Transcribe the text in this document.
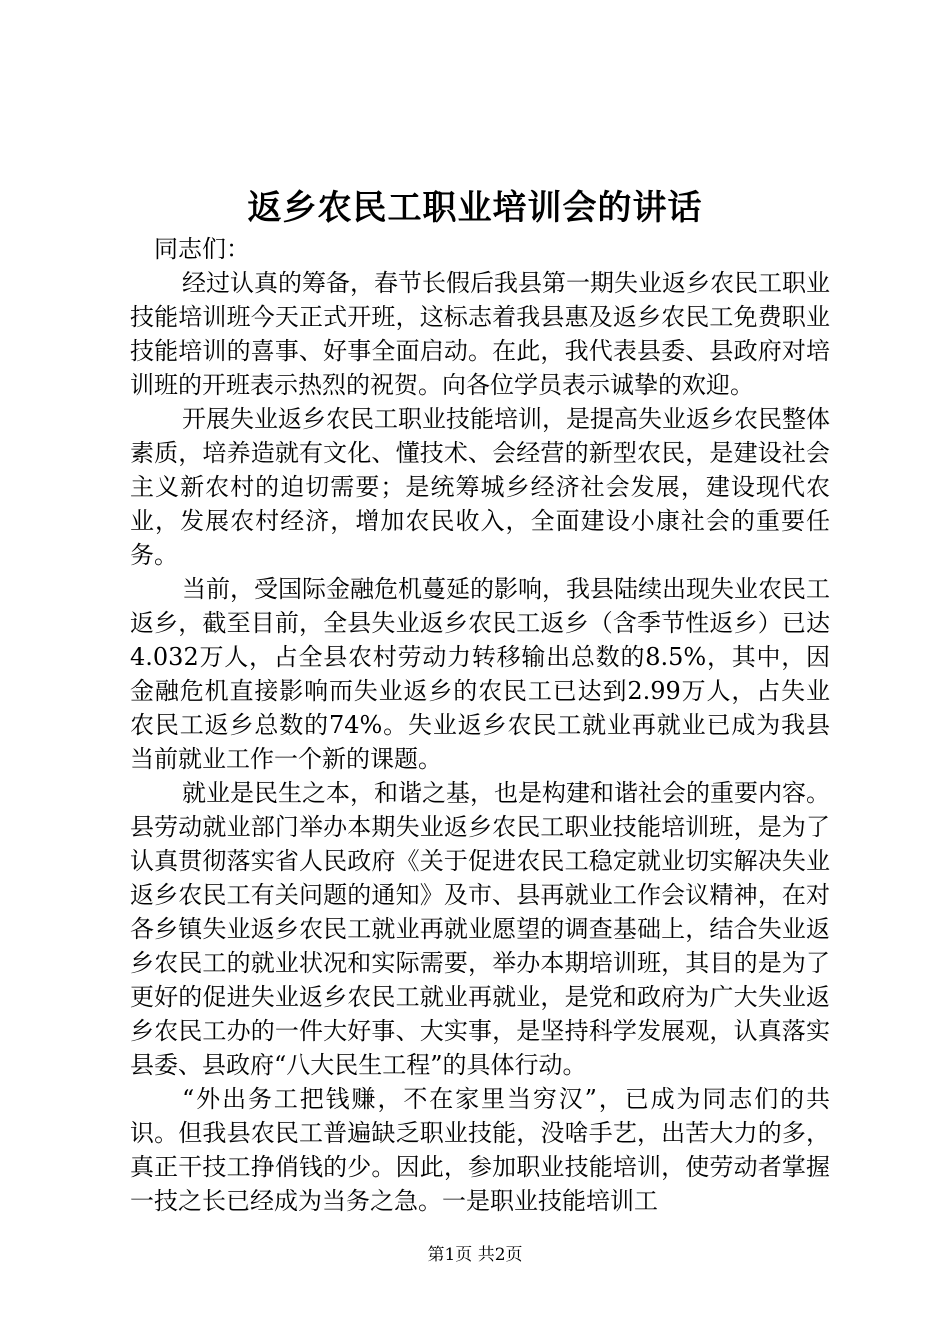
返乡农民工职业培训会的讲话

同志们：

经过认真的筹备，春节长假后我县第一期失业返乡农民工职业技能培训班今天正式开班，这标志着我县惠及返乡农民工免费职业技能培训的喜事、好事全面启动。在此，我代表县委、县政府对培训班的开班表示热烈的祝贺。向各位学员表示诚挚的欢迎。

开展失业返乡农民工职业技能培训，是提高失业返乡农民整体素质，培养造就有文化、懂技术、会经营的新型农民，是建设社会主义新农村的迫切需要；是统筹城乡经济社会发展，建设现代农业，发展农村经济，增加农民收入，全面建设小康社会的重要任务。

当前，受国际金融危机蔓延的影响，我县陆续出现失业农民工返乡，截至目前，全县失业返乡农民工返乡（含季节性返乡）已达4.032万人，占全县农村劳动力转移输出总数的8.5%，其中，因金融危机直接影响而失业返乡的农民工已达到2.99万人，占失业农民工返乡总数的74%。失业返乡农民工就业再就业已成为我县当前就业工作一个新的课题。

就业是民生之本，和谐之基，也是构建和谐社会的重要内容。县劳动就业部门举办本期失业返乡农民工职业技能培训班，是为了认真贯彻落实省人民政府《关于促进农民工稳定就业切实解决失业返乡农民工有关问题的通知》及市、县再就业工作会议精神，在对各乡镇失业返乡农民工就业再就业愿望的调查基础上，结合失业返乡农民工的就业状况和实际需要，举办本期培训班，其目的是为了更好的促进失业返乡农民工就业再就业，是党和政府为广大失业返乡农民工办的一件大好事、大实事，是坚持科学发展观，认真落实县委、县政府“八大民生工程”的具体行动。

“外出务工把钱赚，不在家里当穷汉”，已成为同志们的共识。但我县农民工普遍缺乏职业技能，没啥手艺，出苦大力的多，真正干技工挣俏钱的少。因此，参加职业技能培训，使劳动者掌握一技之长已经成为当务之急。一是职业技能培训工

第1页 共2页
